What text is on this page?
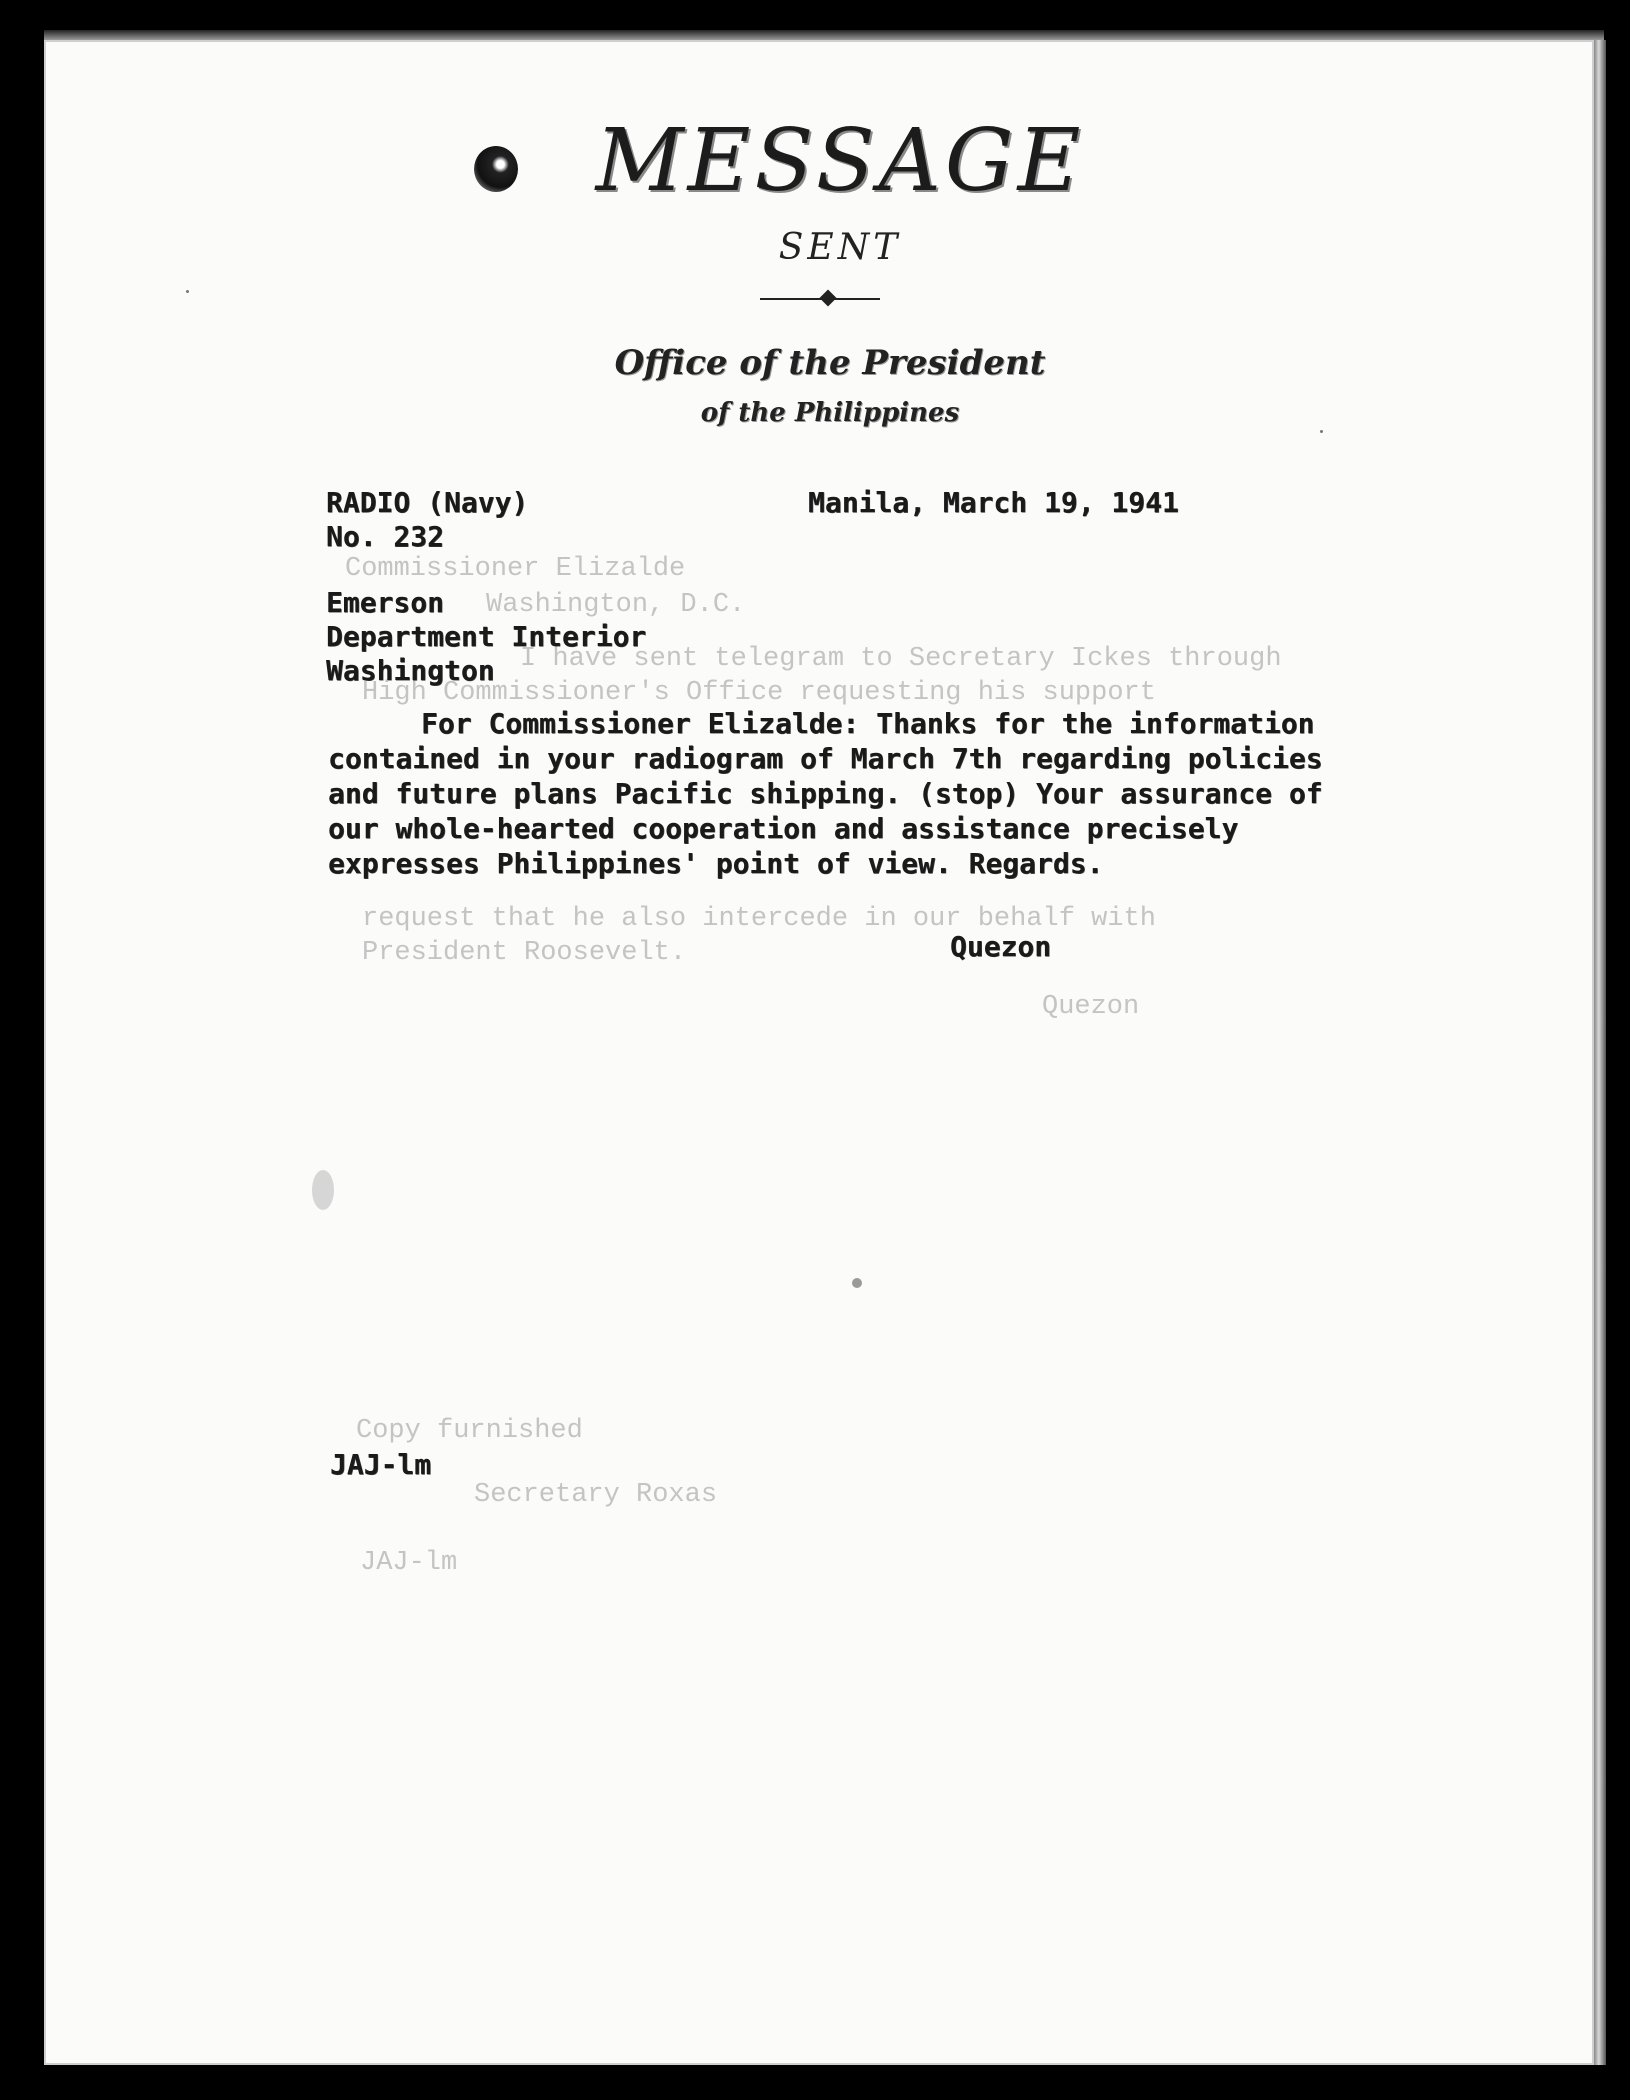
Commissioner Elizalde
Washington, D.C.
I have sent telegram to Secretary Ickes through
High Commissioner's Office requesting his support
request that he also intercede in our behalf with
President Roosevelt.
Quezon
Copy furnished
Secretary Roxas
JAJ-lm
MESSAGE
SENT
Office of the President
of the Philippines
RADIO (Navy)
No. 232
Manila, March 19, 1941
Emerson
Department Interior
Washington

For Commissioner Elizalde: Thanks for the information contained in your radiogram of March 7th regarding policies and future plans Pacific shipping. (stop) Your assurance of our whole-hearted cooperation and assistance precisely expresses Philippines' point of view. Regards.

Quezon
JAJ-lm
